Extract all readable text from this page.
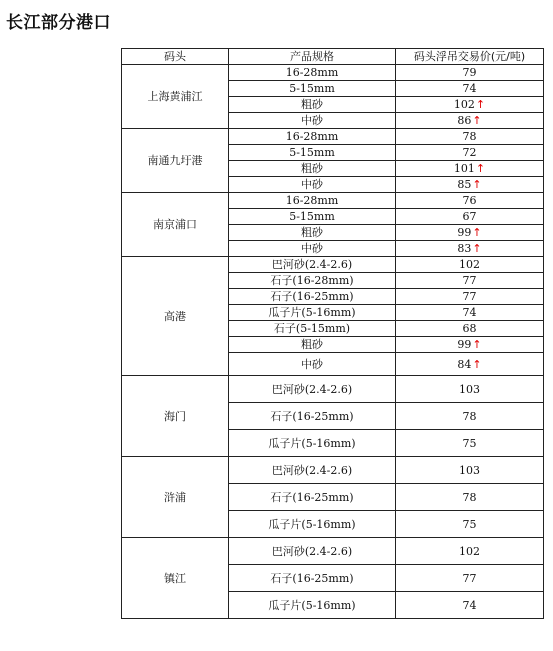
长江部分港口
码头	产品规格	码头浮吊交易价(元/吨)
上海黄浦江	16-28mm	79
	5-15mm	74
	粗砂	102↑
	中砂	86↑
南通九圩港	16-28mm	78
	5-15mm	72
	粗砂	101↑
	中砂	85↑
南京浦口	16-28mm	76
	5-15mm	67
	粗砂	99↑
	中砂	83↑
高港	巴河砂(2.4-2.6)	102
	石子(16-28mm)	77
	石子(16-25mm)	77
	瓜子片(5-16mm)	74
	石子(5-15mm)	68
	粗砂	99↑
	中砂	84↑
海门	巴河砂(2.4-2.6)	103
	石子(16-25mm)	78
	瓜子片(5-16mm)	75
浒浦	巴河砂(2.4-2.6)	103
	石子(16-25mm)	78
	瓜子片(5-16mm)	75
镇江	巴河砂(2.4-2.6)	102
	石子(16-25mm)	77
	瓜子片(5-16mm)	74
